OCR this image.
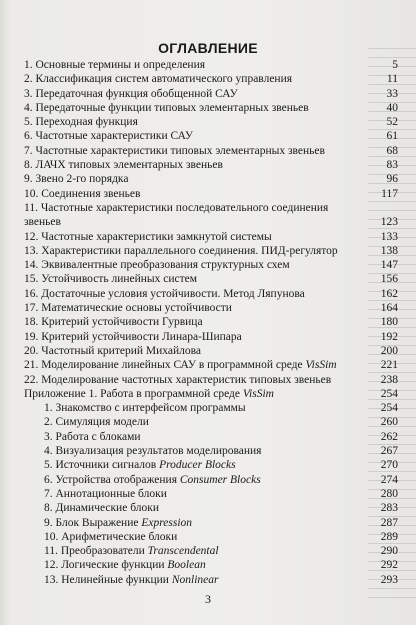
ОГЛАВЛЕНИЕ
1. Основные термины и определения	5
2. Классификация систем автоматического управления	11
3. Передаточная функция обобщенной САУ	33
4. Передаточные функции типовых элементарных звеньев	40
5. Переходная функция	52
6. Частотные характеристики САУ	61
7. Частотные характеристики типовых элементарных звеньев	68
8. ЛАЧХ типовых элементарных звеньев	83
9. Звено 2-го порядка	96
10. Соединения звеньев	117
11. Частотные характеристики последовательного соединения звеньев	123
12. Частотные характеристики замкнутой системы	133
13. Характеристики параллельного соединения. ПИД-регулятор	138
14. Эквивалентные преобразования структурных схем	147
15. Устойчивость линейных систем	156
16. Достаточные условия устойчивости. Метод Ляпунова	162
17. Математические основы устойчивости	164
18. Критерий устойчивости Гурвица	180
19. Критерий устойчивости Линара-Шипара	192
20. Частотный критерий Михайлова	200
21. Моделирование линейных САУ в программной среде VisSim	221
22. Моделирование частотных характеристик типовых звеньев	238
Приложение 1. Работа в программной среде VisSim	254
1. Знакомство с интерфейсом программы	254
2. Симуляция модели	260
3. Работа с блоками	262
4. Визуализация результатов моделирования	267
5. Источники сигналов Producer Blocks	270
6. Устройства отображения Consumer Blocks	274
7. Аннотационные блоки	280
8. Динамические блоки	283
9. Блок Выражение Expression	287
10. Арифметические блоки	289
11. Преобразователи Transcendental	290
12. Логические функции Boolean	292
13. Нелинейные функции Nonlinear	293
3
